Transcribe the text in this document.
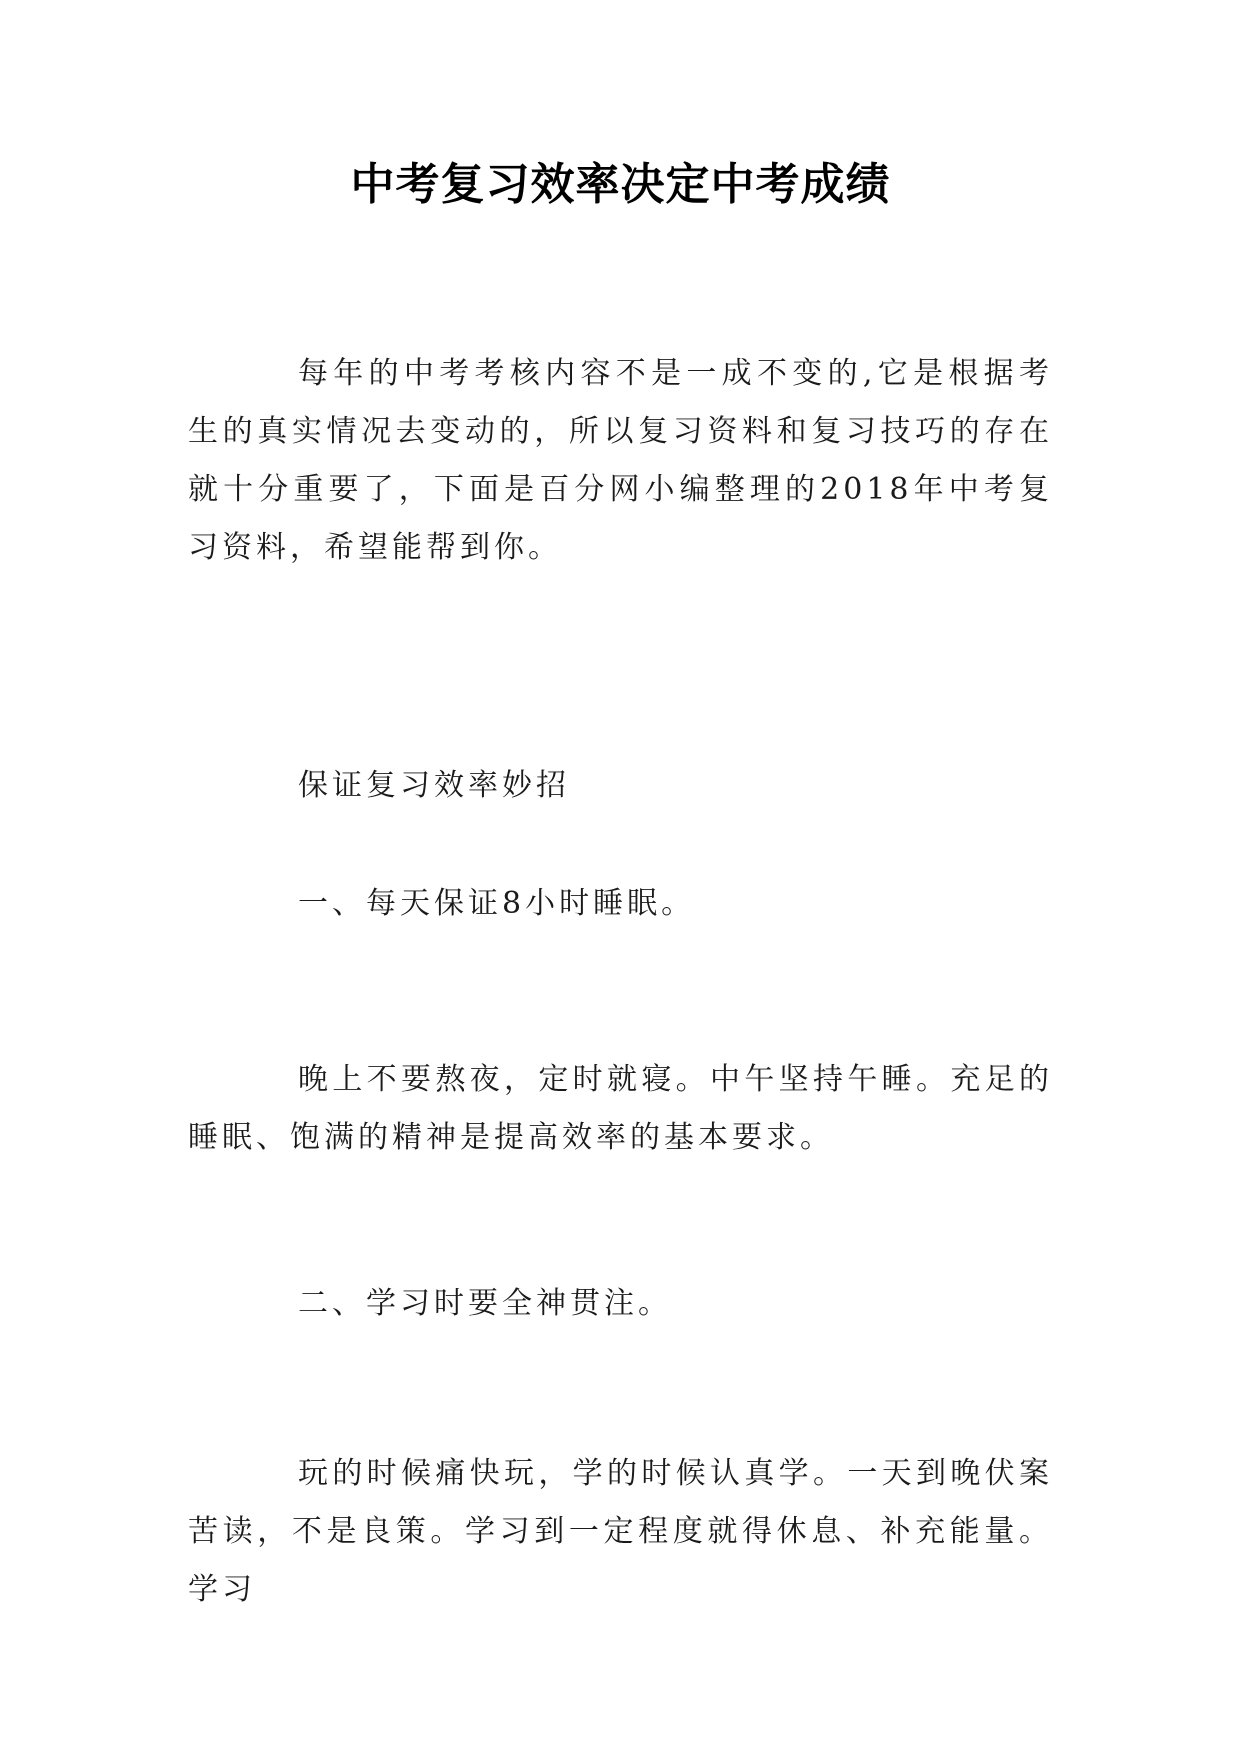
中考复习效率决定中考成绩

每年的中考考核内容不是一成不变的,它是根据考生的真实情况去变动的，所以复习资料和复习技巧的存在就十分重要了，下面是百分网小编整理的2018年中考复习资料，希望能帮到你。

保证复习效率妙招

一、每天保证8小时睡眠。

晚上不要熬夜，定时就寝。中午坚持午睡。充足的睡眠、饱满的精神是提高效率的基本要求。

二、学习时要全神贯注。

玩的时候痛快玩，学的时候认真学。一天到晚伏案苦读，不是良策。学习到一定程度就得休息、补充能量。学习
